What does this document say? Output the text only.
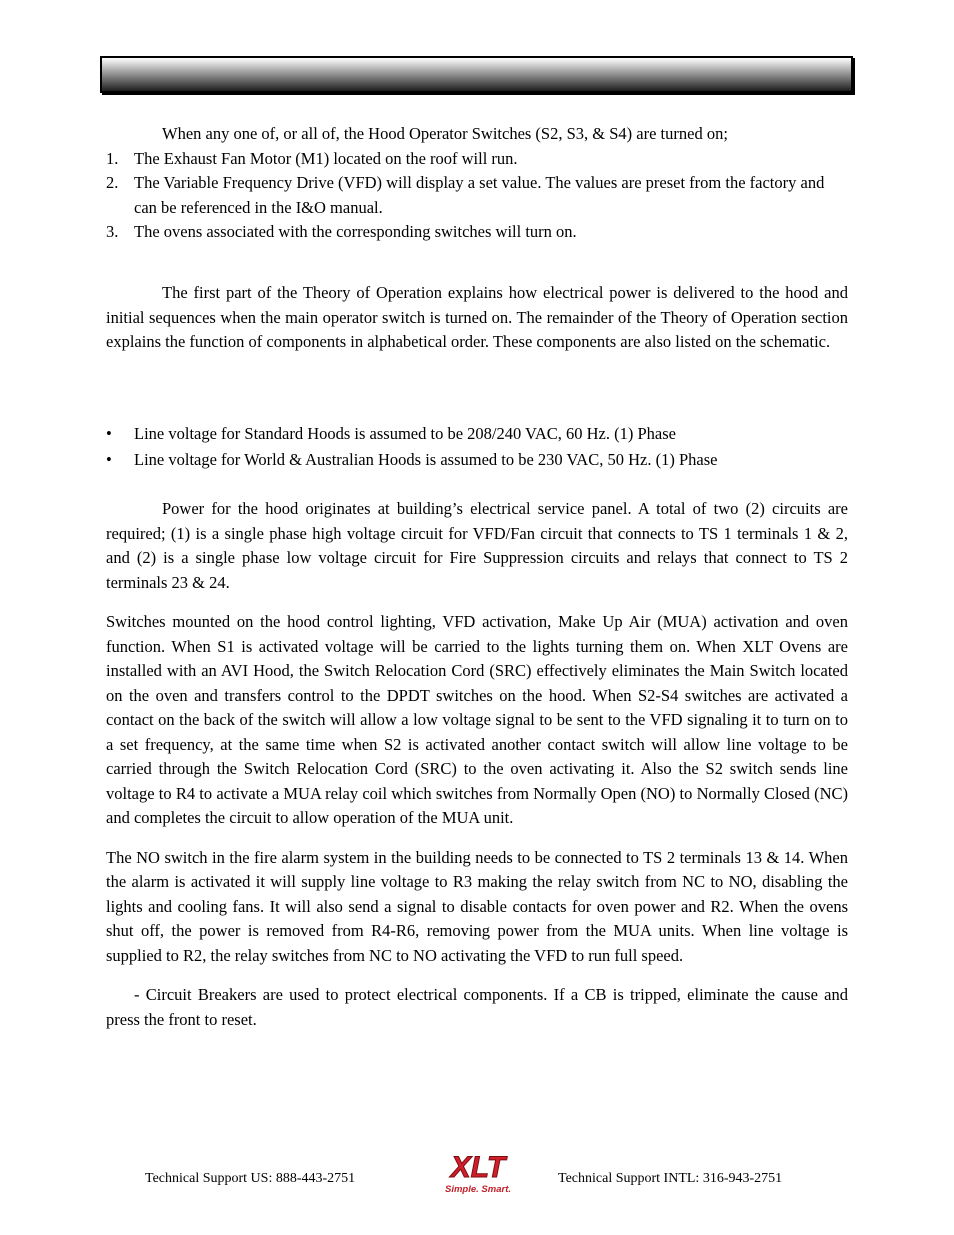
When any one of, or all of, the Hood Operator Switches (S2, S3, & S4) are turned on;

1. The Exhaust Fan Motor (M1) located on the roof will run.
2. The Variable Frequency Drive (VFD) will display a set value. The values are preset from the factory and can be referenced in the I&O manual.
3. The ovens associated with the corresponding switches will turn on.

The first part of the Theory of Operation explains how electrical power is delivered to the hood and initial sequences when the main operator switch is turned on. The remainder of the Theory of Operation section explains the function of components in alphabetical order. These components are also listed on the schematic.

• Line voltage for Standard Hoods is assumed to be 208/240 VAC, 60 Hz. (1) Phase
• Line voltage for World & Australian Hoods is assumed to be 230 VAC, 50 Hz. (1) Phase

Power for the hood originates at building’s electrical service panel. A total of two (2) circuits are required; (1) is a single phase high voltage circuit for VFD/Fan circuit that connects to TS 1 terminals 1 & 2, and (2) is a single phase low voltage circuit for Fire Suppression circuits and relays that connect to TS 2 terminals 23 & 24.

Switches mounted on the hood control lighting, VFD activation, Make Up Air (MUA) activation and oven function. When S1 is activated voltage will be carried to the lights turning them on. When XLT Ovens are installed with an AVI Hood, the Switch Relocation Cord (SRC) effectively eliminates the Main Switch located on the oven and transfers control to the DPDT switches on the hood. When S2-S4 switches are activated a contact on the back of the switch will allow a low voltage signal to be sent to the VFD signaling it to turn on to a set frequency, at the same time when S2 is activated another contact switch will allow line voltage to be carried through the Switch Relocation Cord (SRC) to the oven activating it. Also the S2 switch sends line voltage to R4 to activate a MUA relay coil which switches from Normally Open (NO) to Normally Closed (NC) and completes the circuit to allow operation of the MUA unit.

The NO switch in the fire alarm system in the building needs to be connected to TS 2 terminals 13 & 14. When the alarm is activated it will supply line voltage to R3 making the relay switch from NC to NO, disabling the lights and cooling fans. It will also send a signal to disable contacts for oven power and R2. When the ovens shut off, the power is removed from R4-R6, removing power from the MUA units. When line voltage is supplied to R2, the relay switches from NC to NO activating the VFD to run full speed.

- Circuit Breakers are used to protect electrical components. If a CB is tripped, eliminate the cause and press the front to reset.

Technical Support US: 888-443-2751	XLT
Simple. Smart.
Technical Support INTL: 316-943-2751
